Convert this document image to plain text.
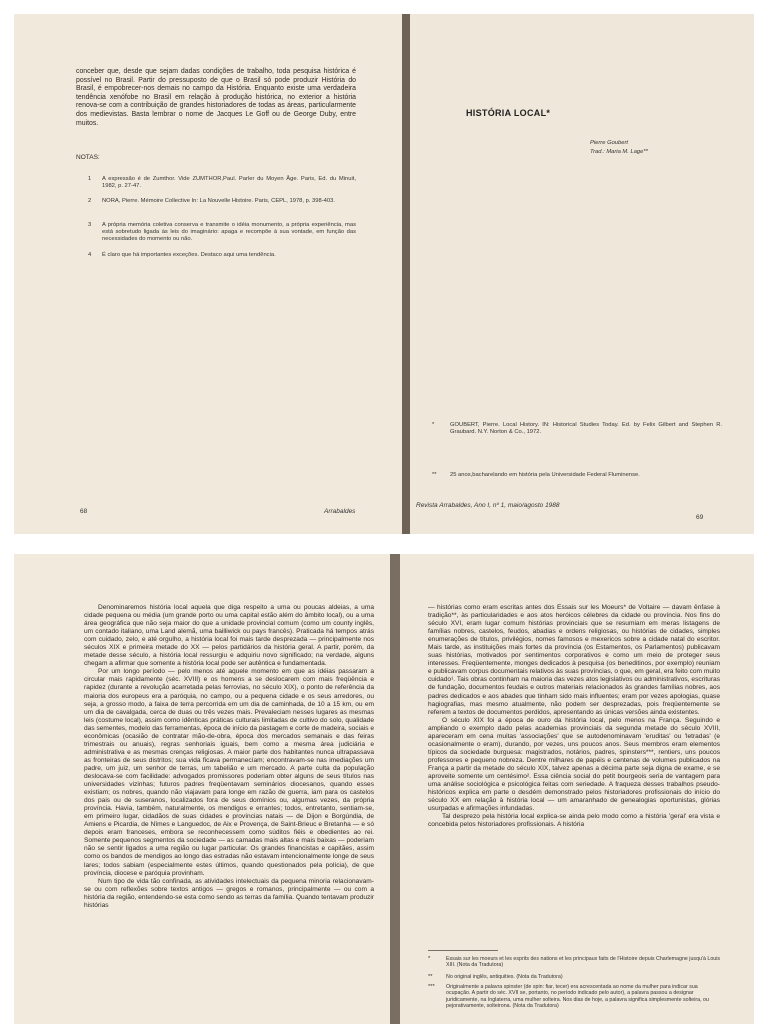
conceber que, desde que sejam dadas condições de trabalho, toda pesquisa histórica é possível no Brasil. Partir do pressuposto de que o Brasil só pode produzir História do Brasil, é empobrecer-nos demais no campo da História. Enquanto existe uma verdadeira tendência xenófobe no Brasil em relação à produção histórica, no exterior a história renova-se com a contribuição de grandes historiadores de todas as áreas, particularmente dos medievistas. Basta lembrar o nome de Jacques Le Goff ou de George Duby, entre muitos.

NOTAS:
1 A expressão é de Zumthor. Vide ZUMTHOR,Paul. Parler du Moyen Âge. Paris, Ed. du Minuit, 1982, p. 27-47.

2 NORA, Pierre. Mémoire Collective In: La Nouvelle Histoire. Paris, CEPL, 1978, p. 398-403.

3 A própria memória coletiva conserva e transmite o idéia monumento, a própria experiência, mas está sobretudo ligada às leis do imaginário: apaga e recompõe à sua vontade, em função das necessidades do momento ou não.

4 É claro que há importantes exceções. Destaco aqui uma tendência.

68	Arrabaldes
HISTÓRIA LOCAL*
Pierre Goubert
Trad.: Maria M. Lage**
*	GOUBERT, Pierre. Local History. IN: Historical Studies Today. Ed. by Felix Gilbert and Stephen R. Graubard. N.Y. Norton & Co., 1972.

** 25 anos,bacharelando em história pela Universidade Federal Fluminense.

Revista Arrabaldes, Ano I, nº 1, maio/agosto 1988
69

Denominaremos história local aquela que diga respeito a uma ou poucas aldeias, a uma cidade pequena ou média (um grande porto ou uma capital estão além do âmbito local), ou a uma área geográfica que não seja maior do que a unidade provincial comum (como um county inglês, um contado italiano, uma Land alemã, uma bailliwick ou pays francês). Praticada há tempos atrás com cuidado, zelo, e até orgulho, a história local foi mais tarde desprezada — principalmente nos séculos XIX e primeira metade do XX — pelos partidários da história geral. A partir, porém, da metade desse século, a história local ressurgiu e adquiriu novo significado; na verdade, alguns chegam a afirmar que somente a história local pode ser autêntica e fundamentada.

Por um longo período — pelo menos até aquele momento em que as idéias passaram a circular mais rapidamente (séc. XVIII) e os homens a se deslocarem com mais freqüência e rapidez (durante a revolução acarretada pelas ferrovias, no século XIX), o ponto de referência da maioria dos europeus era a paróquia, no campo, ou a pequena cidade e os seus arredores, ou seja, a grosso modo, a faixa de terra percorrida em um dia de caminhada, de 10 a 15 km, ou em um dia de cavalgada, cerca de duas ou três vezes mais. Prevaleciam nesses lugares as mesmas leis (costume local), assim como idênticas práticas culturais limitadas de cultivo do solo, qualidade das sementes, modelo das ferramentas, época de início da pastagem e corte de madeira, sociais e econômicas (ocasião de contratar mão-de-obra, época dos mercados semanais e das feiras trimestrais ou anuais), regras senhoriais iguais, bem como a mesma área judiciária e administrativa e as mesmas crenças religiosas. A maior parte dos habitantes nunca ultrapassava as fronteiras de seus distritos; sua vida ficava permanecíam; encontravam-se nas imediações um padre, um juiz, um senhor de terras, um tabelião e um mercado. A parte culta da população deslocava-se com facilidade: advogados promissores poderiam obter alguns de seus títulos nas universidades vizinhas; futuros padres freqüentavam seminários diocesanos, quando esses existiam; os nobres, quando não viajavam para longe em razão de guerra, iam para os castelos dos pais ou de suseranos, localizados fora de seus domínios ou, algumas vezes, da própria província. Havia, também, naturalmente, os mendigos e errantes; todos, entretanto, sentiam-se, em primeiro lugar, cidadãos de suas cidades e províncias natais — de Dijon e Borgúndia, de Amiens e Picardia, de Nîmes e Languedoc, de Aix e Provença, de Saint-Brieuc e Bretanha — e só depois eram franceses, embora se reconhecessem como súditos fiéis e obedientes ao rei. Somente pequenos segmentos da sociedade — as camadas mais altas e mais baixas — poderiam não se sentir ligados a uma região ou lugar particular. Os grandes financistas e capitães, assim como os bandos de mendigos ao longo das estradas não estavam intencionalmente longe de seus lares; todos sabiam (especialmente estes últimos, quando questionados pela polícia), de que província, diocese e paróquia provinham.

Num tipo de vida tão confinada, as atividades intelectuais da pequena minoria relacionavam-se ou com reflexões sobre textos antigos — gregos e romanos, principalmente — ou com a história da região, entendendo-se esta como sendo as terras da família. Quando tentavam produzir histórias

— histórias como eram escritas antes dos Essais sur les Moeurs* de Voltaire — davam ênfase à tradição**, às particularidades e aos atos heróicos célebres da cidade ou província. Nos fins do século XVI, eram lugar comum histórias provinciais que se resumiam em meras listagens de famílias nobres, castelos, feudos, abadias e ordens religiosas, ou histórias de cidades, simples enumerações de títulos, privilégios, nomes famosos e mexericos sobre a cidade natal do escritor. Mais tarde, as instituições mais fortes da província (os Estamentos, os Parlamentos) publicavam suas histórias, motivados por sentimentos corporativos e como um meio de proteger seus interesses. Freqüentemente, monges dedicados à pesquisa (os beneditinos, por exemplo) reuniam e publicavam corpus documentais relativos às suas províncias, o que, em geral, era feito com muito cuidado¹. Tais obras continham na maioria das vezes atos legislativos ou administrativos, escrituras de fundação, documentos feudais e outros materiais relacionados às grandes famílias nobres, aos padres dedicados e aos abades que tinham sido mais influentes; eram por vezes apologias, quase hagiografias, mas mesmo atualmente, não podem ser desprezadas, pois freqüentemente se referem a textos de documentos perdidos, apresentando as únicas versões ainda existentes.

O século XIX foi a época de ouro da história local, pelo menos na França. Seguindo e ampliando o exemplo dado pelas academias provinciais da segunda metade do século XVIII, apareceram em cena muitas 'associações' que se autodenominavam 'eruditas' ou 'letradas' (e ocasionalmente o eram), durando, por vezes, uns poucos anos. Seus membros eram elementos típicos da sociedade burguesa: magistrados, notários, padres, spinsters***, rentiers, uns poucos professores e pequeno nobreza. Dentre milhares de papéis e centenas de volumes publicados na França a partir da metade do século XIX, talvez apenas a décima parte seja digna de exame, e se aproveite somente um centésimo². Essa ciência social do petit bourgeois seria de vantagem para uma análise sociológica e psicológica feitas com seriedade. A fraqueza desses trabalhos pseudo-históricos explica em parte o desdém demonstrado pelos historiadores profissionais do início do século XX em relação à história local — um amaranhado de genealogias oportunistas, glórias usurpadas e afirmações infundadas.

Tal desprezo pela história local explica-se ainda pelo modo como a história 'geral' era vista e concebida pelos historiadores profissionais. A história

*	Essais sur les moeurs et les esprits des nations et les principaux faits de l'Histoire depuis Charlemagne jusqu'à Louis XIII. (Nota da Tradutora)

**	No original inglês, antiquities. (Nota da Tradutora)

*** Originalmente a palavra spinster (de spin: fiar, tecer) era acrescentada ao nome da mulher para indicar sua ocupação. A partir do séc. XVII se, portanto, no período indicado pelo autor), a palavra passou a designar juridicamente, na Inglaterra, uma mulher solteira. Nos dias de hoje, a palavra significa simplesmente solteira, ou pejorativamente, solteirona. (Nota da Tradutora)
